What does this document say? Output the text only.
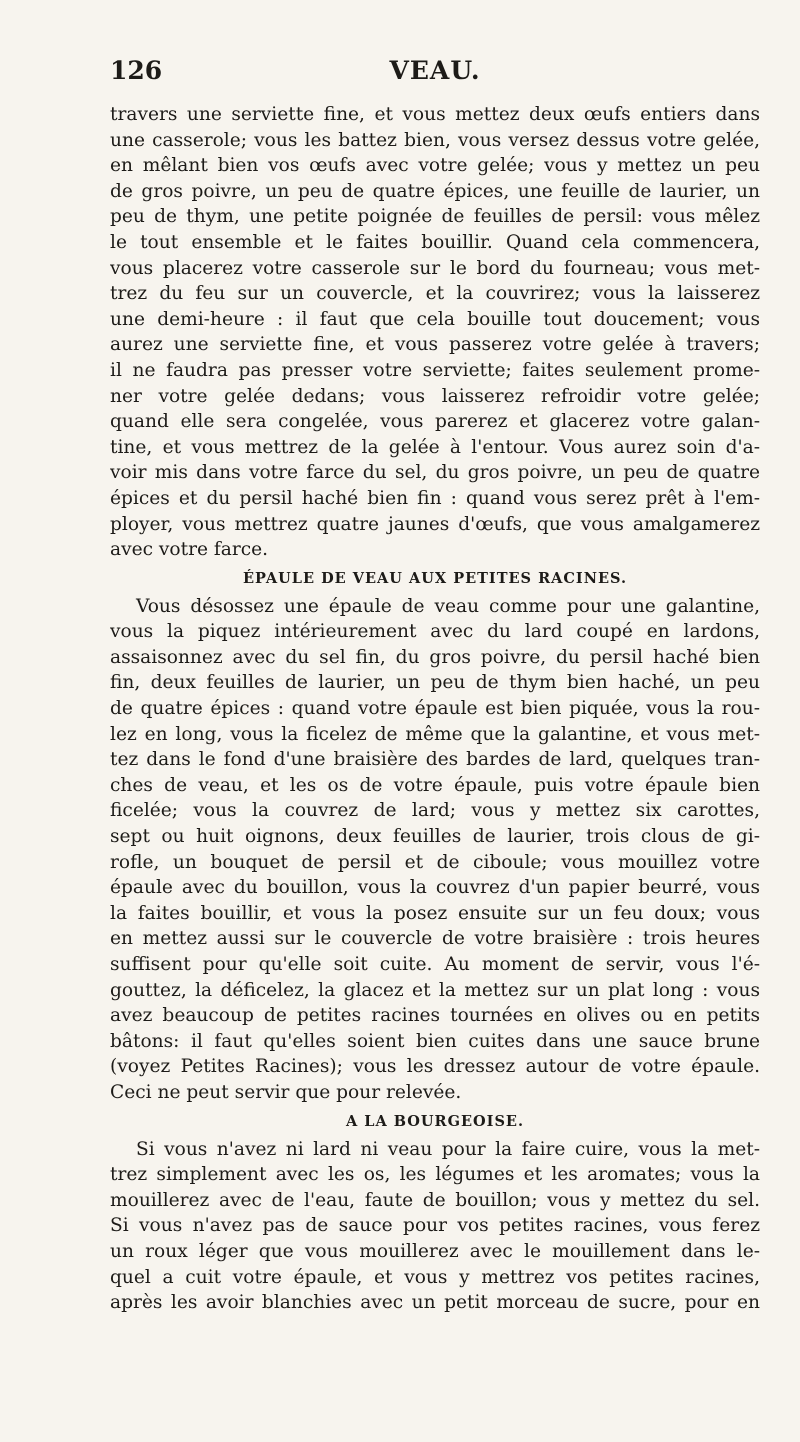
126	VEAU.
travers une serviette fine, et vous mettez deux œufs entiers dans
une casserole; vous les battez bien, vous versez dessus votre gelée,
en mêlant bien vos œufs avec votre gelée; vous y mettez un peu
de gros poivre, un peu de quatre épices, une feuille de laurier, un
peu de thym, une petite poignée de feuilles de persil: vous mêlez
le tout ensemble et le faites bouillir. Quand cela commencera,
vous placerez votre casserole sur le bord du fourneau; vous met-
trez du feu sur un couvercle, et la couvrirez; vous la laisserez
une demi-heure : il faut que cela bouille tout doucement; vous
aurez une serviette fine, et vous passerez votre gelée à travers;
il ne faudra pas presser votre serviette; faites seulement prome-
ner votre gelée dedans; vous laisserez refroidir votre gelée;
quand elle sera congelée, vous parerez et glacerez votre galan-
tine, et vous mettrez de la gelée à l'entour. Vous aurez soin d'a-
voir mis dans votre farce du sel, du gros poivre, un peu de quatre
épices et du persil haché bien fin : quand vous serez prêt à l'em-
ployer, vous mettrez quatre jaunes d'œufs, que vous amalgamerez
avec votre farce.
ÉPAULE DE VEAU AUX PETITES RACINES.
Vous désossez une épaule de veau comme pour une galantine,
vous la piquez intérieurement avec du lard coupé en lardons,
assaisonnez avec du sel fin, du gros poivre, du persil haché bien
fin, deux feuilles de laurier, un peu de thym bien haché, un peu
de quatre épices : quand votre épaule est bien piquée, vous la rou-
lez en long, vous la ficelez de même que la galantine, et vous met-
tez dans le fond d'une braisière des bardes de lard, quelques tran-
ches de veau, et les os de votre épaule, puis votre épaule bien
ficelée; vous la couvrez de lard; vous y mettez six carottes,
sept ou huit oignons, deux feuilles de laurier, trois clous de gi-
rofle, un bouquet de persil et de ciboule; vous mouillez votre
épaule avec du bouillon, vous la couvrez d'un papier beurré, vous
la faites bouillir, et vous la posez ensuite sur un feu doux; vous
en mettez aussi sur le couvercle de votre braisière : trois heures
suffisent pour qu'elle soit cuite. Au moment de servir, vous l'é-
gouttez, la déficelez, la glacez et la mettez sur un plat long : vous
avez beaucoup de petites racines tournées en olives ou en petits
bâtons: il faut qu'elles soient bien cuites dans une sauce brune
(voyez Petites Racines); vous les dressez autour de votre épaule.
Ceci ne peut servir que pour relevée.
A LA BOURGEOISE.
Si vous n'avez ni lard ni veau pour la faire cuire, vous la met-
trez simplement avec les os, les légumes et les aromates; vous la
mouillerez avec de l'eau, faute de bouillon; vous y mettez du sel.
Si vous n'avez pas de sauce pour vos petites racines, vous ferez
un roux léger que vous mouillerez avec le mouillement dans le-
quel a cuit votre épaule, et vous y mettrez vos petites racines,
après les avoir blanchies avec un petit morceau de sucre, pour en
